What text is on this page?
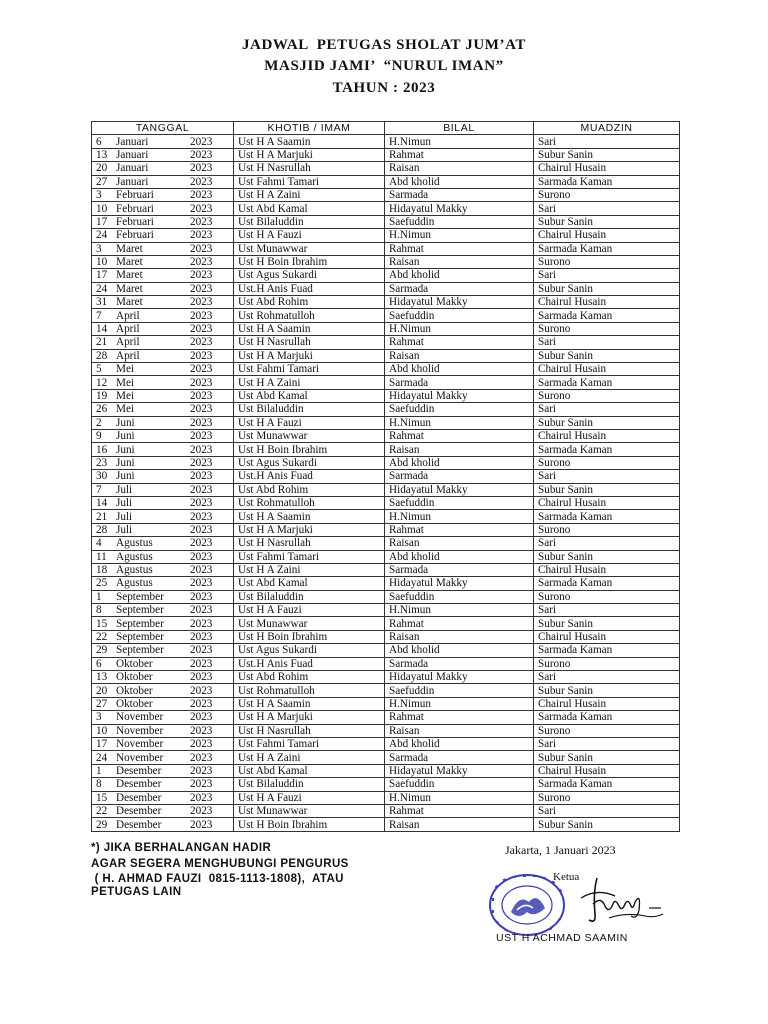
JADWAL  PETUGAS SHOLAT JUM’AT
MASJID JAMI’  “NURUL IMAN”
TAHUN : 2023
TANGGAL	KHOTIB / IMAM	BILAL	MUADZIN
6 Januari 2023	Ust H A Saamin	H.Nimun	Sari
13 Januari 2023	Ust H A Marjuki	Rahmat	Subur Sanin
20 Januari 2023	Ust H Nasrullah	Raisan	Chairul Husain
27 Januari 2023	Ust Fahmi Tamari	Abd kholid	Sarmada Kaman
3 Februari 2023	Ust H A Zaini	Sarmada	Surono
10 Februari 2023	Ust Abd Kamal	Hidayatul Makky	Sari
17 Februari 2023	Ust Bilaluddin	Saefuddin	Subur Sanin
24 Februari 2023	Ust H A Fauzi	H.Nimun	Chairul Husain
3 Maret 2023	Ust Munawwar	Rahmat	Sarmada Kaman
10 Maret 2023	Ust H Boin Ibrahim	Raisan	Surono
17 Maret 2023	Ust Agus Sukardi	Abd kholid	Sari
24 Maret 2023	Ust.H Anis Fuad	Sarmada	Subur Sanin
31 Maret 2023	Ust Abd Rohim	Hidayatul Makky	Chairul Husain
7 April 2023	Ust Rohmatulloh	Saefuddin	Sarmada Kaman
14 April 2023	Ust H A Saamin	H.Nimun	Surono
21 April 2023	Ust H Nasrullah	Rahmat	Sari
28 April 2023	Ust H A Marjuki	Raisan	Subur Sanin
5 Mei 2023	Ust Fahmi Tamari	Abd kholid	Chairul Husain
12 Mei 2023	Ust H A Zaini	Sarmada	Sarmada Kaman
19 Mei 2023	Ust Abd Kamal	Hidayatul Makky	Surono
26 Mei 2023	Ust Bilaluddin	Saefuddin	Sari
2 Juni 2023	Ust H A Fauzi	H.Nimun	Subur Sanin
9 Juni 2023	Ust Munawwar	Rahmat	Chairul Husain
16 Juni 2023	Ust H Boin Ibrahim	Raisan	Sarmada Kaman
23 Juni 2023	Ust Agus Sukardi	Abd kholid	Surono
30 Juni 2023	Ust.H Anis Fuad	Sarmada	Sari
7 Juli 2023	Ust Abd Rohim	Hidayatul Makky	Subur Sanin
14 Juli 2023	Ust Rohmatulloh	Saefuddin	Chairul Husain
21 Juli 2023	Ust H A Saamin	H.Nimun	Sarmada Kaman
28 Juli 2023	Ust H A Marjuki	Rahmat	Surono
4 Agustus 2023	Ust H Nasrullah	Raisan	Sari
11 Agustus 2023	Ust Fahmi Tamari	Abd kholid	Subur Sanin
18 Agustus 2023	Ust H A Zaini	Sarmada	Chairul Husain
25 Agustus 2023	Ust Abd Kamal	Hidayatul Makky	Sarmada Kaman
1 September 2023	Ust Bilaluddin	Saefuddin	Surono
8 September 2023	Ust H A Fauzi	H.Nimun	Sari
15 September 2023	Ust Munawwar	Rahmat	Subur Sanin
22 September 2023	Ust H Boin Ibrahim	Raisan	Chairul Husain
29 September 2023	Ust Agus Sukardi	Abd kholid	Sarmada Kaman
6 Oktober 2023	Ust.H Anis Fuad	Sarmada	Surono
13 Oktober 2023	Ust Abd Rohim	Hidayatul Makky	Sari
20 Oktober 2023	Ust Rohmatulloh	Saefuddin	Subur Sanin
27 Oktober 2023	Ust H A Saamin	H.Nimun	Chairul Husain
3 November 2023	Ust H A Marjuki	Rahmat	Sarmada Kaman
10 November 2023	Ust H Nasrullah	Raisan	Surono
17 November 2023	Ust Fahmi Tamari	Abd kholid	Sari
24 November 2023	Ust H A Zaini	Sarmada	Subur Sanin
1 Desember 2023	Ust Abd Kamal	Hidayatul Makky	Chairul Husain
8 Desember 2023	Ust Bilaluddin	Saefuddin	Sarmada Kaman
15 Desember 2023	Ust H A Fauzi	H.Nimun	Surono
22 Desember 2023	Ust Munawwar	Rahmat	Sari
29 Desember 2023	Ust H Boin Ibrahim	Raisan	Subur Sanin
*) JIKA BERHALANGAN HADIR
AGAR SEGERA MENGHUBUNGI PENGURUS
( H. AHMAD FAUZI  0815-1113-1808),  ATAU
PETUGAS LAIN
Jakarta, 1 Januari 2023
Ketua
UST H ACHMAD SAAMIN
